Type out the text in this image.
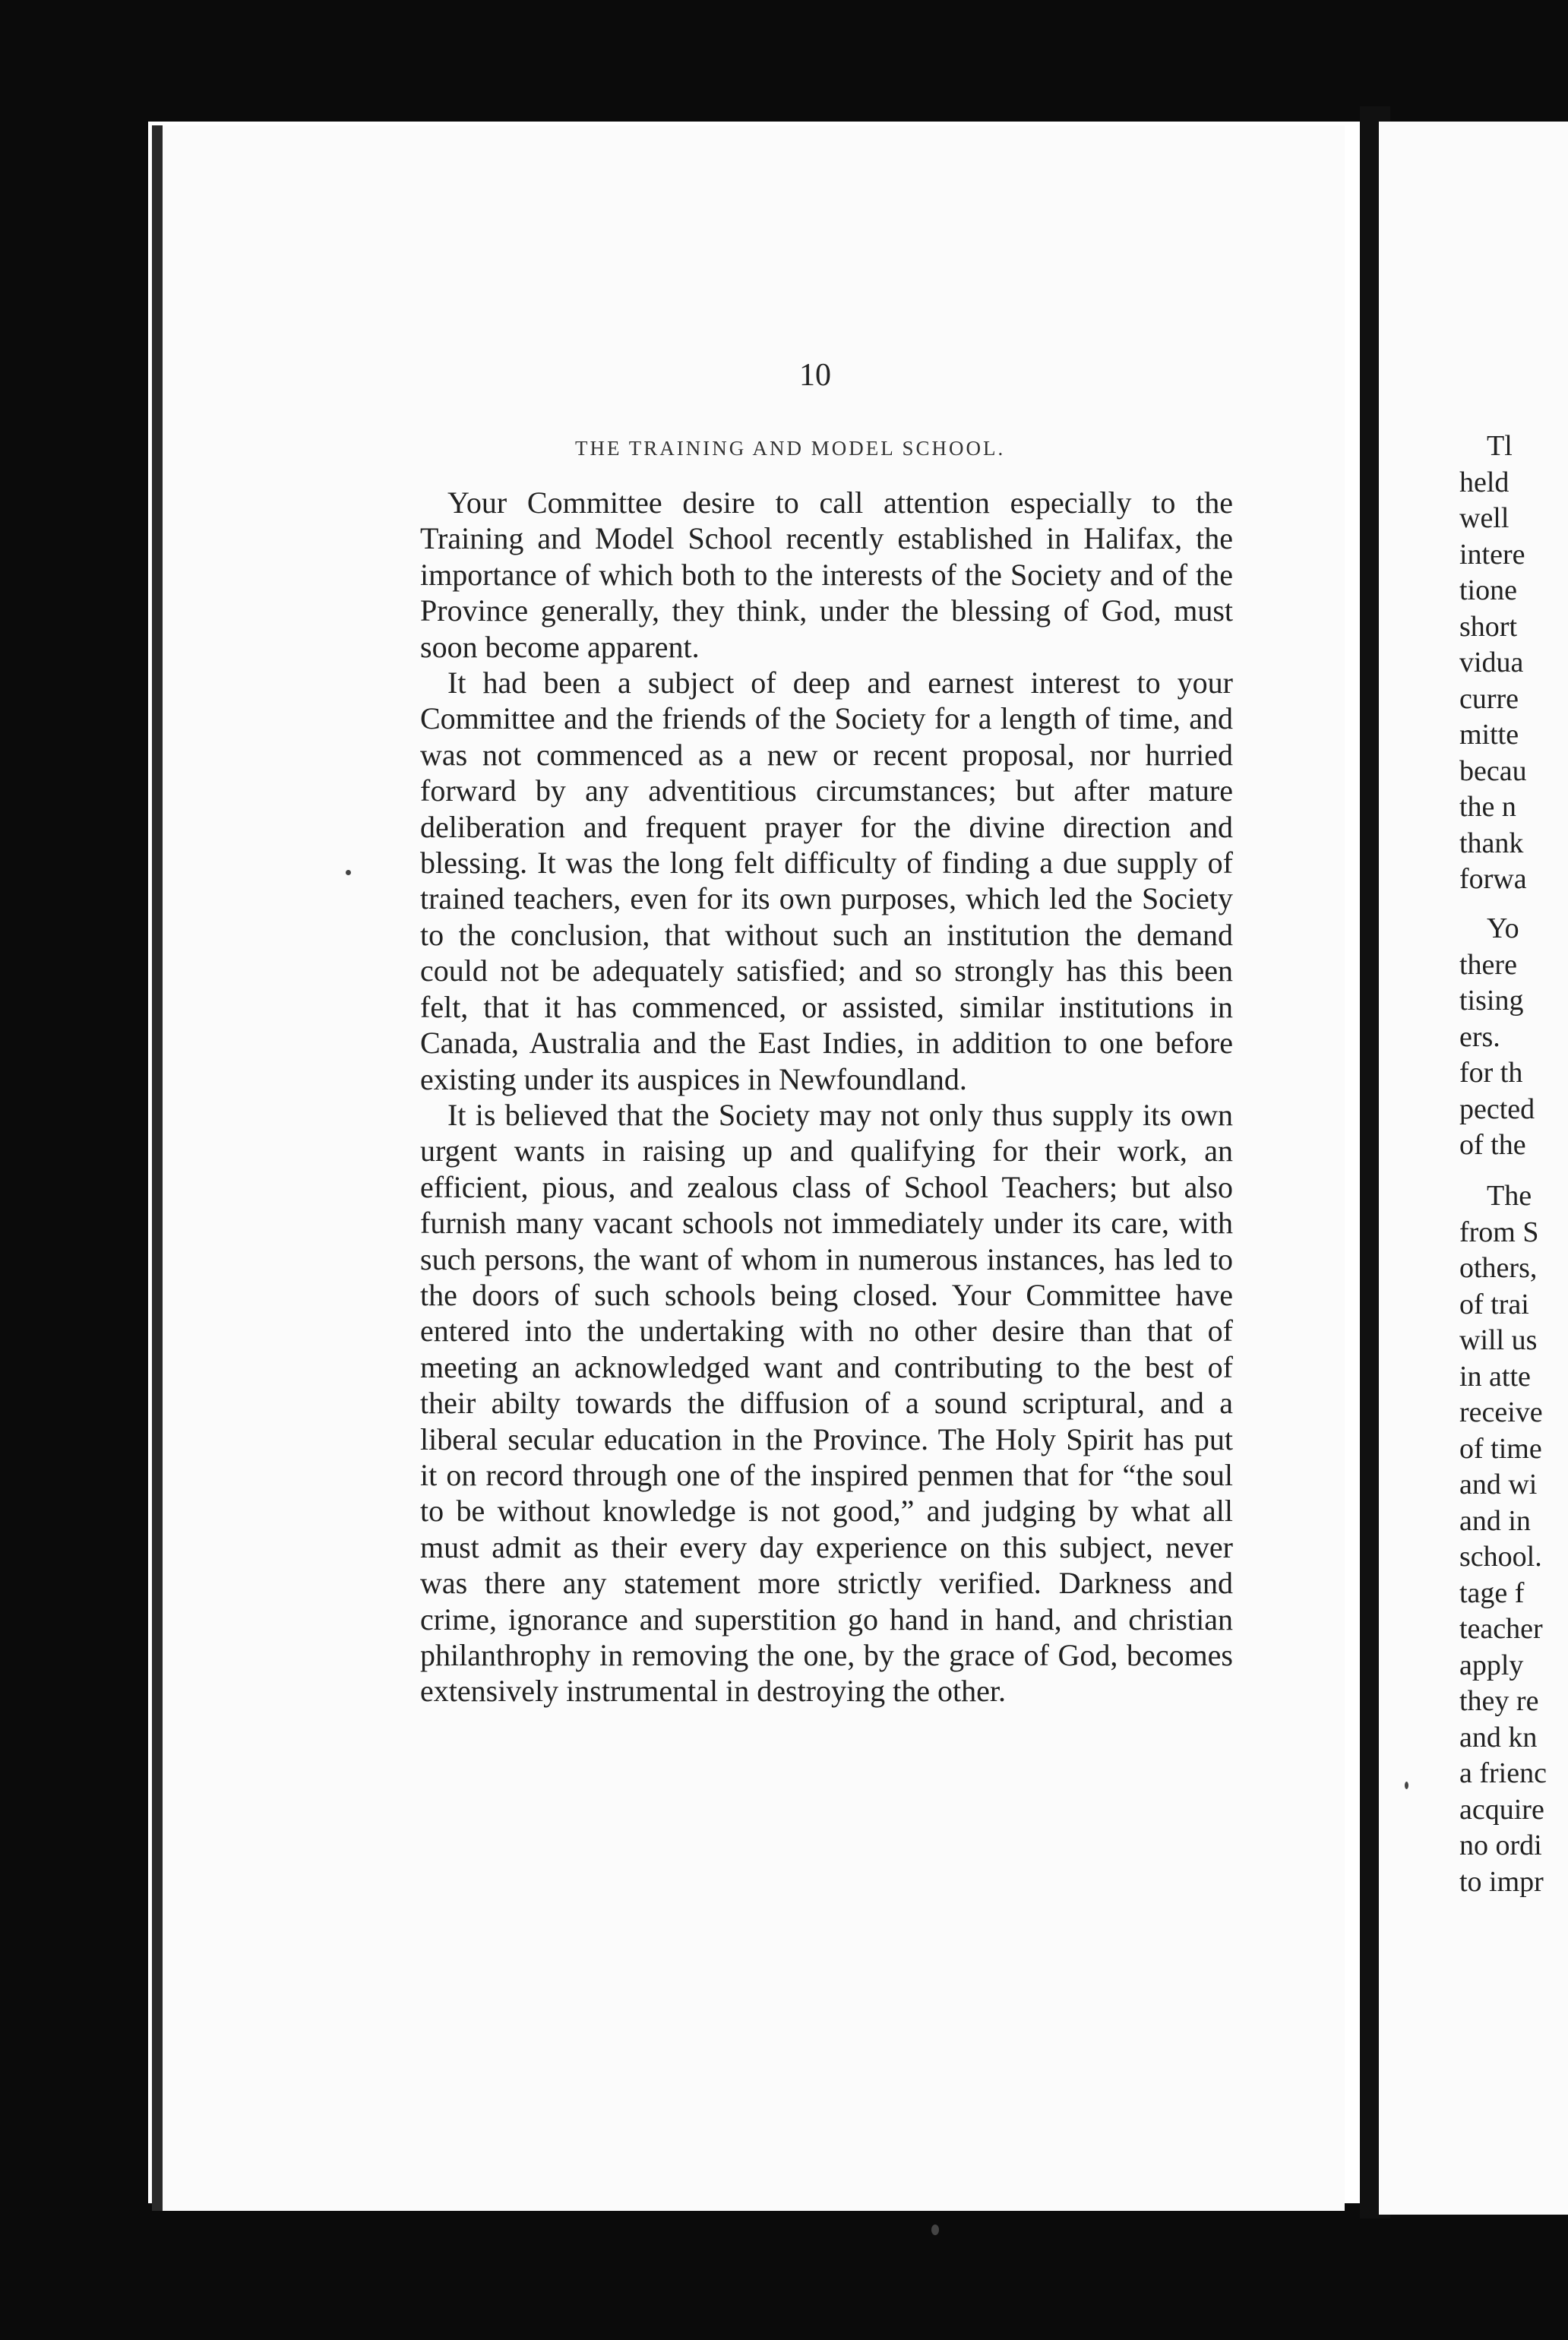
10
THE TRAINING AND MODEL SCHOOL.

Your Committee desire to call attention especially to the Training and Model School recently established in Halifax, the importance of which both to the interests of the Society and of the Province generally, they think, under the blessing of God, must soon become apparent.

It had been a subject of deep and earnest interest to your Committee and the friends of the Society for a length of time, and was not commenced as a new or recent proposal, nor hurried forward by any adventitious circumstances; but after mature deliberation and frequent prayer for the divine direction and blessing. It was the long felt difficulty of finding a due supply of trained teachers, even for its own purposes, which led the Society to the conclusion, that without such an institution the demand could not be adequately satisfied; and so strongly has this been felt, that it has commenced, or assisted, similar institutions in Canada, Australia and the East Indies, in addition to one before existing under its auspices in Newfoundland.

It is believed that the Society may not only thus supply its own urgent wants in raising up and qualifying for their work, an efficient, pious, and zealous class of School Teachers; but also furnish many vacant schools not immediately under its care, with such persons, the want of whom in numerous instances, has led to the doors of such schools being closed. Your Committee have entered into the undertaking with no other desire than that of meeting an acknowledged want and contributing to the best of their abilty towards the diffusion of a sound scriptural, and a liberal secular education in the Province. The Holy Spirit has put it on record through one of the inspired penmen that for “the soul to be without knowledge is not good,” and judging by what all must admit as their every day experience on this subject, never was there any statement more strictly verified. Darkness and crime, ignorance and superstition go hand in hand, and christian philanthrophy in removing the one, by the grace of God, becomes extensively instrumental in destroying the other.

Tl
held
well
intere
tione
short
vidua
curre
mitte
becau
the n
thank
forwa
Yo
there
tising
ers.
for th
pected
of the
The
from S
others,
of trai
will us
in atte
receive
of time
and wi
and in
school.
tage f
teacher
apply
they re
and kn
a frienc
acquire
no ordi
to impr
